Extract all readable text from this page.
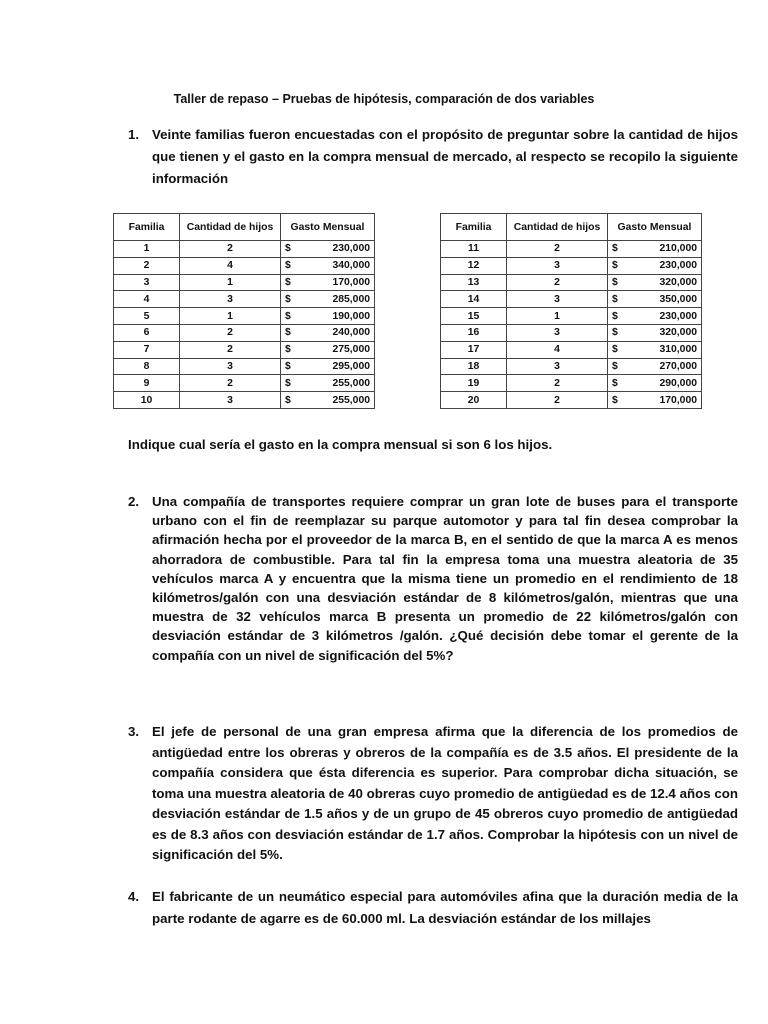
Taller de repaso – Pruebas de hipótesis, comparación de dos variables
1. Veinte familias fueron encuestadas con el propósito de preguntar sobre la cantidad de hijos que tienen y el gasto en la compra mensual de mercado, al respecto se recopilo la siguiente información

Familia	Cantidad de hijos	Gasto Mensual
1	2	$ 230,000

2	4	$ 340,000

3	1	$ 170,000

4	3	$ 285,000

5	1	$ 190,000

6	2	$ 240,000

7	2	$ 275,000

8	3	$ 295,000

9	2	$ 255,000

10	3	$ 255,000
Familia	Cantidad de hijos	Gasto Mensual
11	2	$ 210,000

12	3	$ 230,000

13	2	$ 320,000

14	3	$ 350,000

15	1	$ 230,000

16	3	$ 320,000

17	4	$ 310,000

18	3	$ 270,000

19	2	$ 290,000

20	2	$ 170,000
Indique cual sería el gasto en la compra mensual si son 6 los hijos.
2. Una compañía de transportes requiere comprar un gran lote de buses para el transporte urbano con el fin de reemplazar su parque automotor y para tal fin desea comprobar la afirmación hecha por el proveedor de la marca B, en el sentido de que la marca A es menos ahorradora de combustible. Para tal fin la empresa toma una muestra aleatoria de 35 vehículos marca A y encuentra que la misma tiene un promedio en el rendimiento de 18 kilómetros/galón con una desviación estándar de 8 kilómetros/galón, mientras que una muestra de 32 vehículos marca B presenta un promedio de 22 kilómetros/galón con desviación estándar de 3 kilómetros /galón. ¿Qué decisión debe tomar el gerente de la compañía con un nivel de significación del 5%?

3. El jefe de personal de una gran empresa afirma que la diferencia de los promedios de antigüedad entre los obreras y obreros de la compañía es de 3.5 años. El presidente de la compañía considera que ésta diferencia es superior. Para comprobar dicha situación, se toma una muestra aleatoria de 40 obreras cuyo promedio de antigüedad es de 12.4 años con desviación estándar de 1.5 años y de un grupo de 45 obreros cuyo promedio de antigüedad es de 8.3 años con desviación estándar de 1.7 años. Comprobar la hipótesis con un nivel de significación del 5%.

4. El fabricante de un neumático especial para automóviles afina que la duración media de la parte rodante de agarre es de 60.000 ml. La desviación estándar de los millajes
